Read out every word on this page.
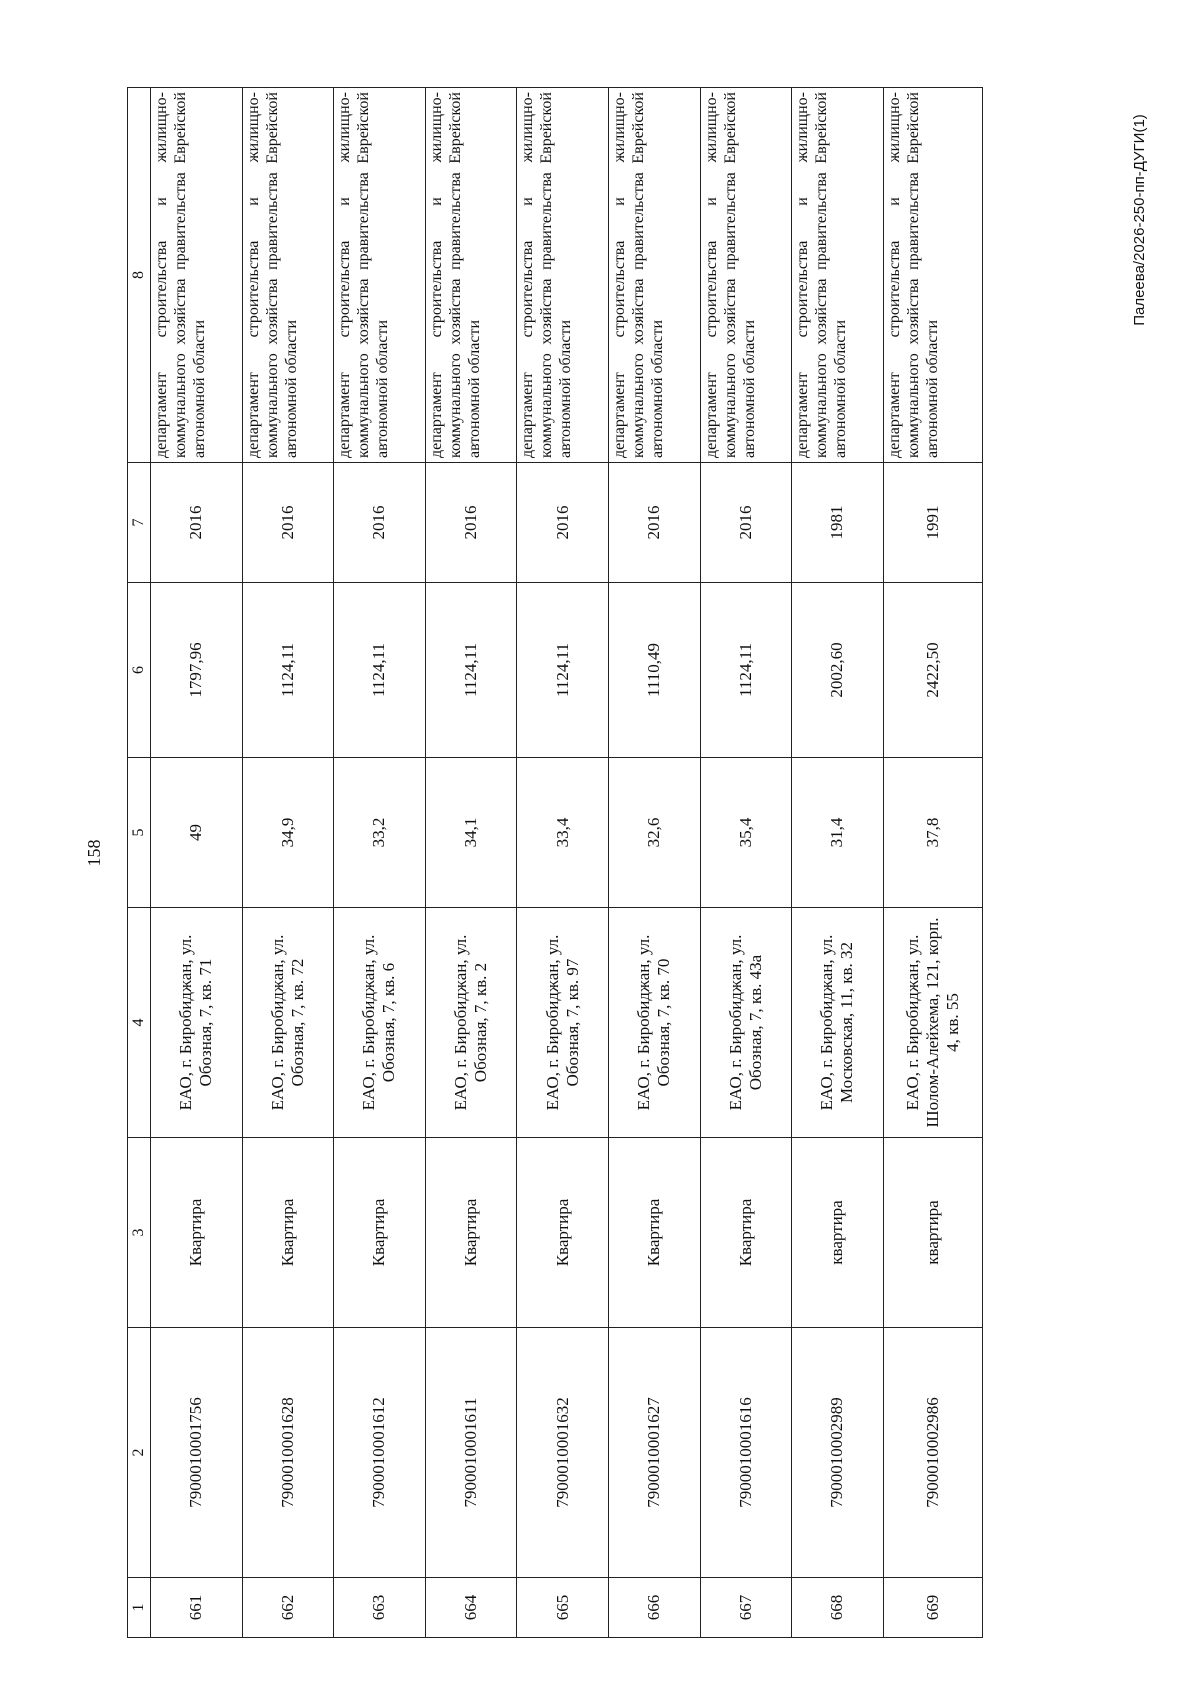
158
1	2	3	4	5	6	7	8
661	7900010001756	Квартира	ЕАО, г. Биробиджан, ул. Обозная, 7, кв. 71	49	1797,96	2016	департамент строительства и жилищно-коммунального хозяйства правительства Еврейской автономной области
662	7900010001628	Квартира	ЕАО, г. Биробиджан, ул. Обозная, 7, кв. 72	34,9	1124,11	2016	департамент строительства и жилищно-коммунального хозяйства правительства Еврейской автономной области
663	7900010001612	Квартира	ЕАО, г. Биробиджан, ул. Обозная, 7, кв. 6	33,2	1124,11	2016	департамент строительства и жилищно-коммунального хозяйства правительства Еврейской автономной области
664	7900010001611	Квартира	ЕАО, г. Биробиджан, ул. Обозная, 7, кв. 2	34,1	1124,11	2016	департамент строительства и жилищно-коммунального хозяйства правительства Еврейской автономной области
665	7900010001632	Квартира	ЕАО, г. Биробиджан, ул. Обозная, 7, кв. 97	33,4	1124,11	2016	департамент строительства и жилищно-коммунального хозяйства правительства Еврейской автономной области
666	7900010001627	Квартира	ЕАО, г. Биробиджан, ул. Обозная, 7, кв. 70	32,6	1110,49	2016	департамент строительства и жилищно-коммунального хозяйства правительства Еврейской автономной области
667	7900010001616	Квартира	ЕАО, г. Биробиджан, ул. Обозная, 7, кв. 43а	35,4	1124,11	2016	департамент строительства и жилищно-коммунального хозяйства правительства Еврейской автономной области
668	7900010002989	квартира	ЕАО, г. Биробиджан, ул. Московская, 11, кв. 32	31,4	2002,60	1981	департамент строительства и жилищно-коммунального хозяйства правительства Еврейской автономной области
669	7900010002986	квартира	ЕАО, г. Биробиджан, ул. Шолом-Алейхема, 121, корп. 4, кв. 55	37,8	2422,50	1991	департамент строительства и жилищно-коммунального хозяйства правительства Еврейской автономной области
Палеева/2026-250-пп-ДУГИ(1)
